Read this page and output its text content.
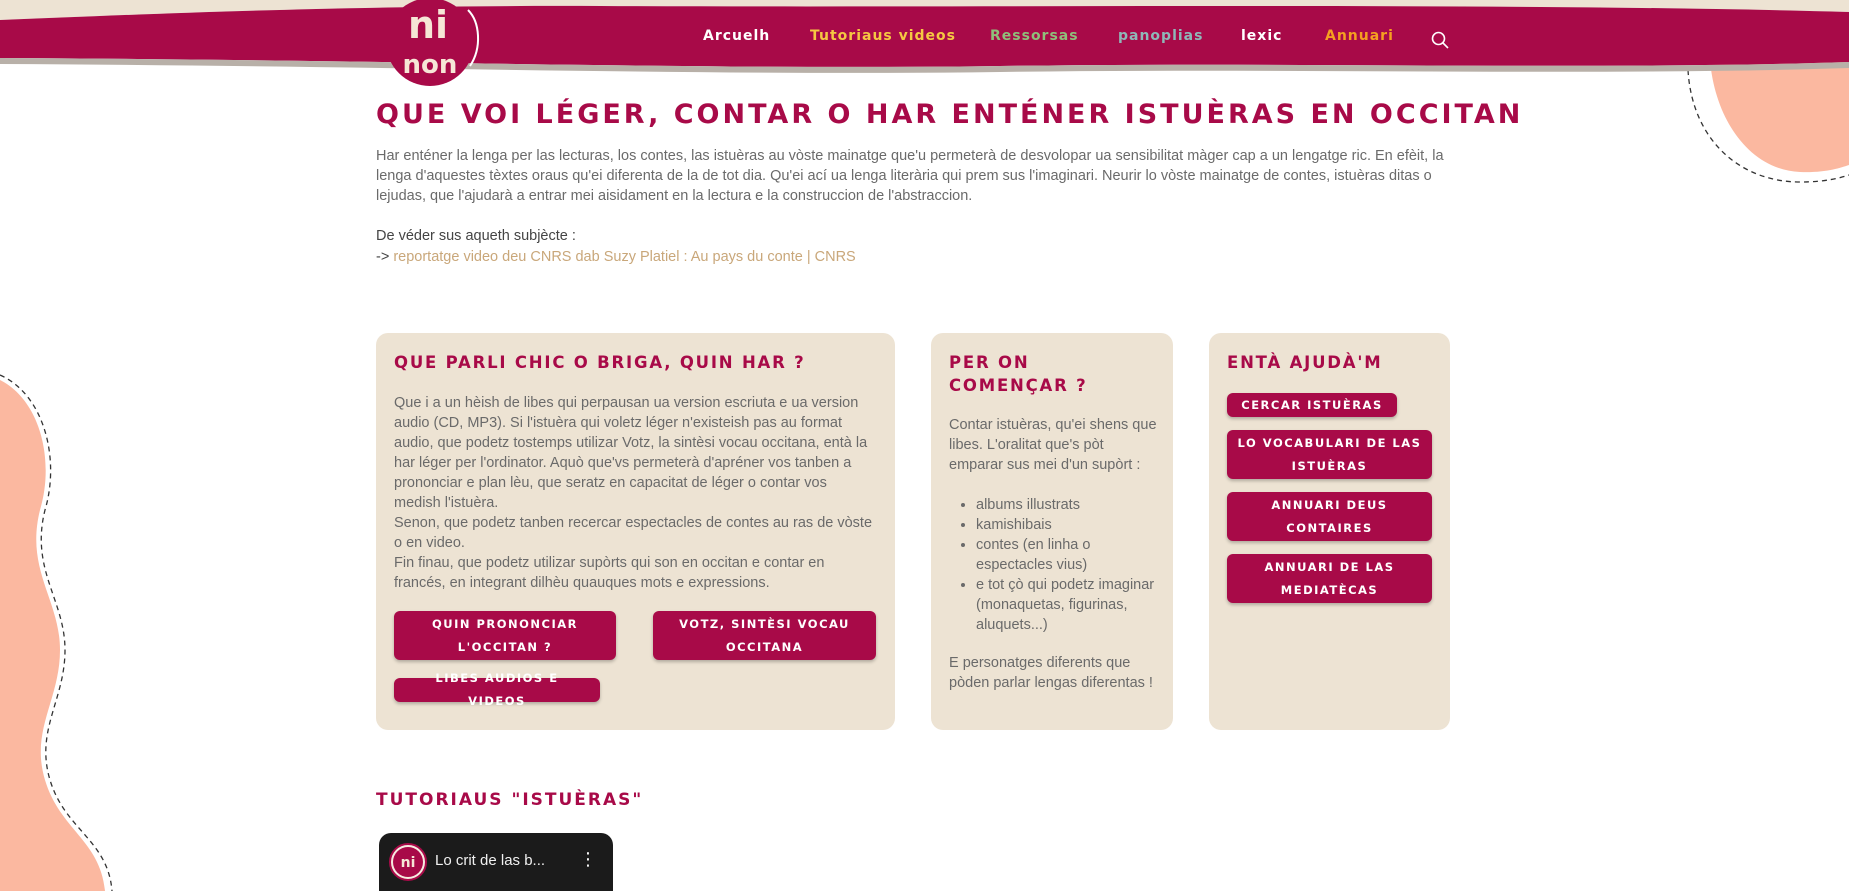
ni
non
Arcuelh	Tutoriaus videos Ressorsas	panoplias	lexic	Annuari
QUE VOI LÉGER, CONTAR O HAR ENTÉNER ISTUÈRAS EN OCCITAN

Har enténer la lenga per las lecturas, los contes, las istuèras au vòste mainatge que'u permeterà de desvolopar ua sensibilitat màger cap a un lengatge ric. En efèit, la lenga d'aquestes tèxtes oraus qu'ei diferenta de la de tot dia. Qu'ei ací ua lenga literària qui prem sus l'imaginari. Neurir lo vòste mainatge de contes, istuèras ditas o lejudas, que l'ajudarà a entrar mei aisidament en la lectura e la construccion de l'abstraccion.

De véder sus aqueth subjècte :
-> reportatge video deu CNRS dab Suzy Platiel : Au pays du conte | CNRS
QUE PARLI CHIC O BRIGA, QUIN HAR ?

Que i a un hèish de libes qui perpausan ua version escriuta e ua version audio (CD, MP3). Si l'istuèra qui voletz léger n'existeish pas au format audio, que podetz tostemps utilizar Votz, la sintèsi vocau occitana, entà la har léger per l'ordinator. Aquò que'vs permeterà d'apréner vos tanben a prononciar e plan lèu, que seratz en capacitat de léger o contar vos medish l'istuèra.

Senon, que podetz tanben recercar espectacles de contes au ras de vòste o en video.

Fin finau, que podetz utilizar supòrts qui son en occitan e contar en francés, en integrant dilhèu quauques mots e expressions.

QUIN PRONONCIAR L'OCCITAN ?
VOTZ, SINTÈSI VOCAU OCCITANA
LIBES AUDIOS E VIDEOS
PER ON COMENÇAR ?

Contar istuèras, qu'ei shens que libes. L'oralitat que's pòt emparar sus mei d'un supòrt :

• albums illustrats
• kamishibais
• contes (en linha o espectacles vius)
• e tot çò qui podetz imaginar (monaquetas, figurinas, aluquets...)

E personatges diferents que pòden parlar lengas diferentas !

ENTÀ AJUDÀ'M
CERCAR ISTUÈRAS
LO VOCABULARI DE LAS ISTUÈRAS
ANNUARI DEUS CONTAIRES
ANNUARI DE LAS MEDIATÈCAS
TUTORIAUS "ISTUÈRAS"
ni Lo crit de las b... ⋮
